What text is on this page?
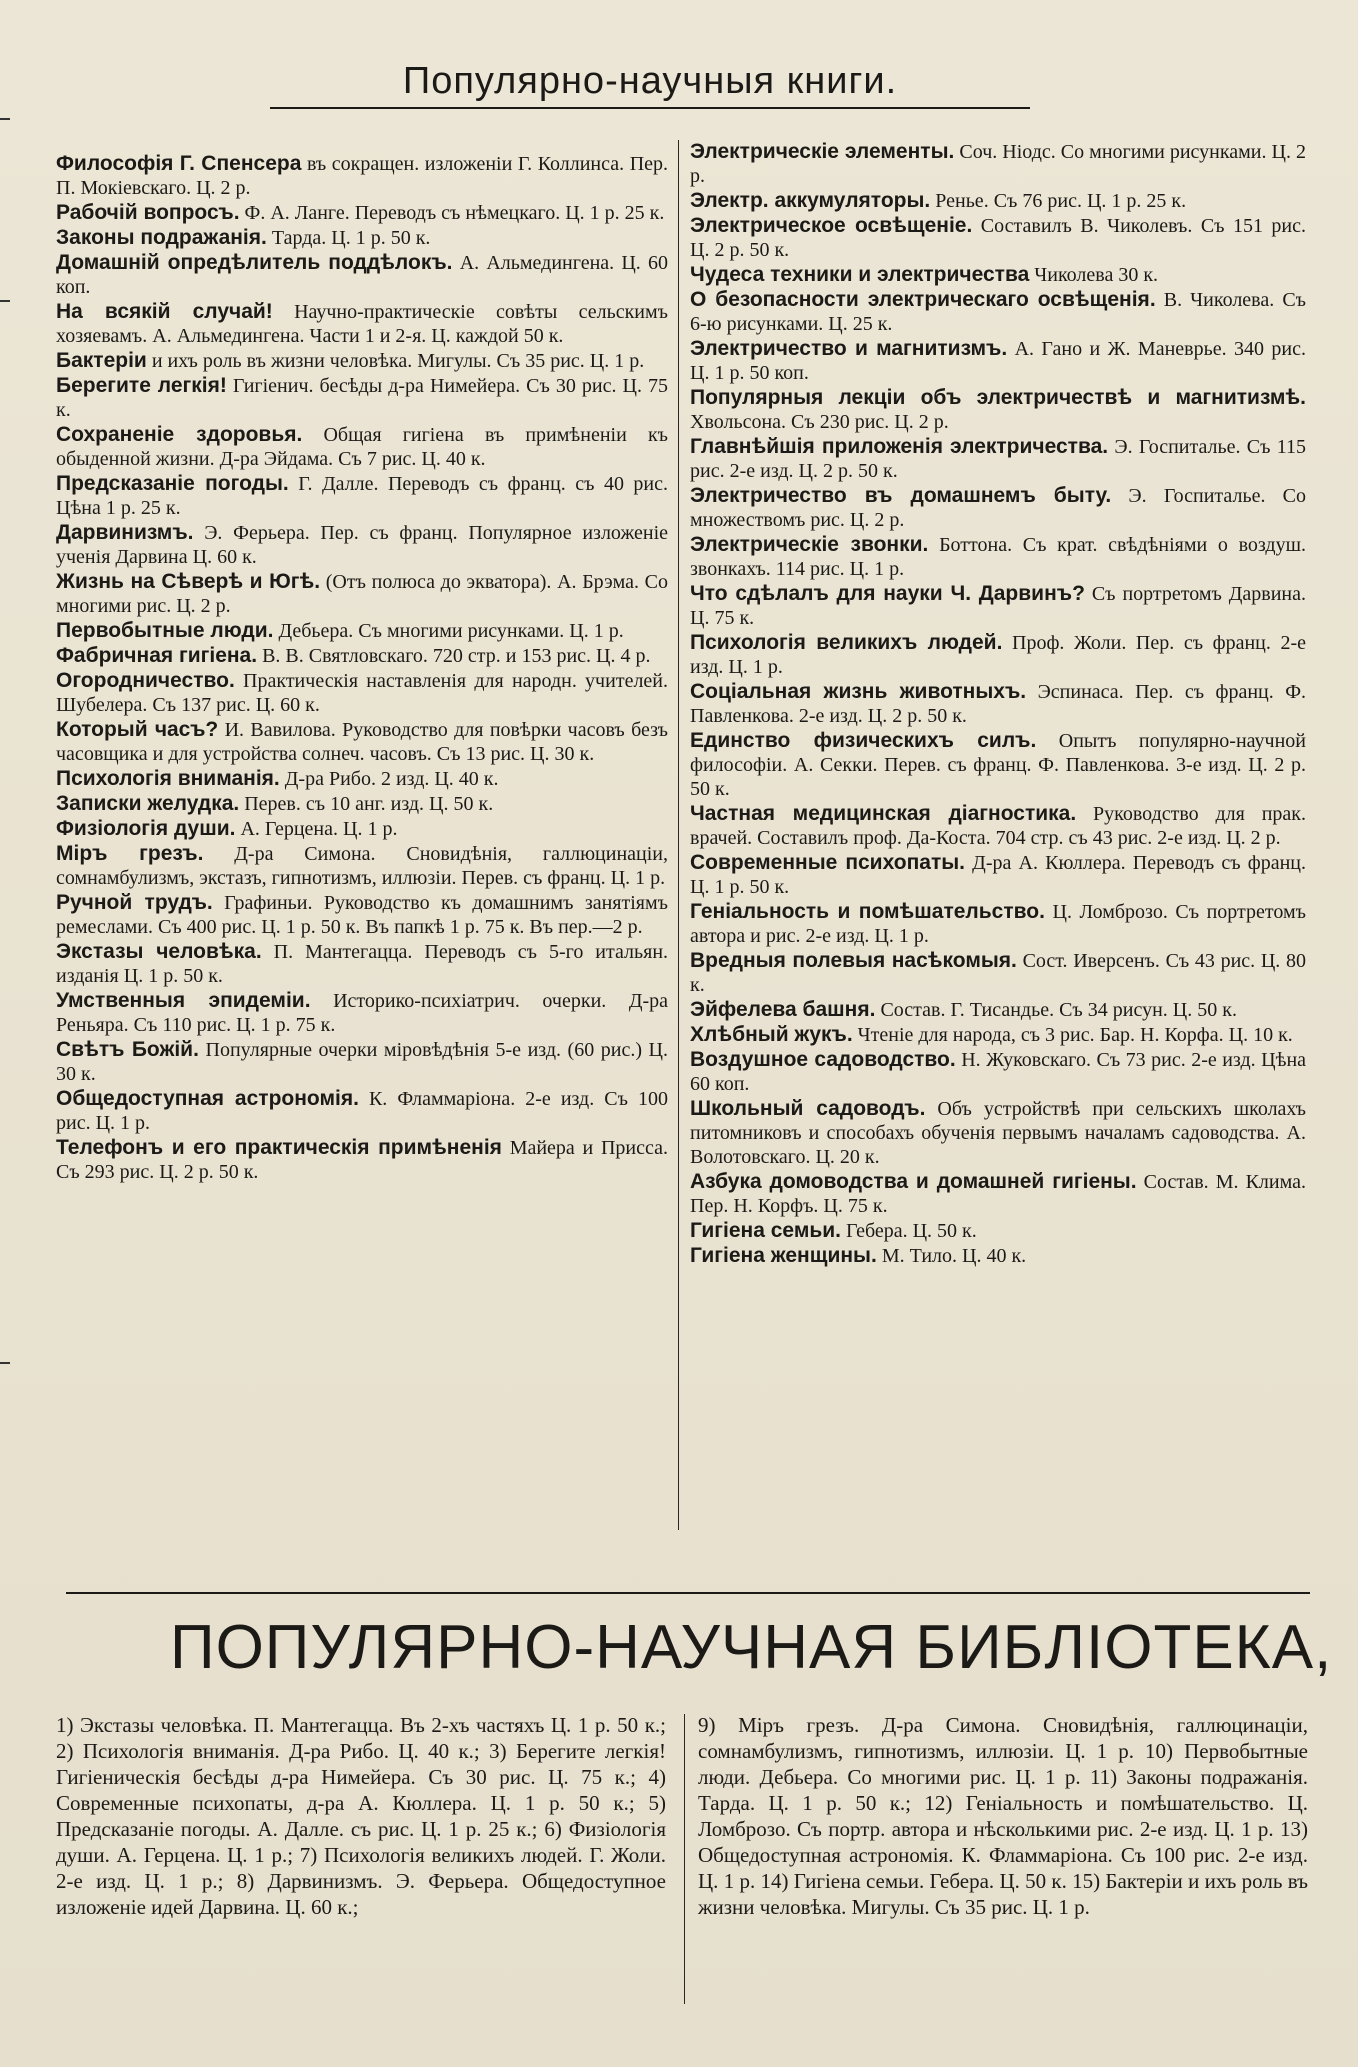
Популярно-научныя книги.
Философія Г. Спенсера въ сокращен. изложеніи Г. Коллинса. Пер. П. Мокіевскаго. Ц. 2 р.
Рабочій вопросъ. Ф. А. Ланге. Переводъ съ нѣмецкаго. Ц. 1 р. 25 к.
Законы подражанія. Тарда. Ц. 1 р. 50 к.
Домашній опредѣлитель поддѣлокъ. А. Альмедингена. Ц. 60 коп.
На всякій случай! Научно-практическіе совѣты сельскимъ хозяевамъ. А. Альмедингена. Части 1 и 2-я. Ц. каждой 50 к.
Бактеріи и ихъ роль въ жизни человѣка. Мигулы. Съ 35 рис. Ц. 1 р.
Берегите легкія! Гигіенич. бесѣды д-ра Нимейера. Съ 30 рис. Ц. 75 к.
Сохраненіе здоровья. Общая гигіена въ примѣненіи къ обыденной жизни. Д-ра Эйдама. Съ 7 рис. Ц. 40 к.
Предсказаніе погоды. Г. Далле. Переводъ съ франц. съ 40 рис. Цѣна 1 р. 25 к.
Дарвинизмъ. Э. Ферьера. Пер. съ франц. Популярное изложеніе ученія Дарвина Ц. 60 к.
Жизнь на Сѣверѣ и Югѣ. (Отъ полюса до экватора). А. Брэма. Со многими рис. Ц. 2 р.
Первобытные люди. Дебьера. Съ многими рисунками. Ц. 1 р.
Фабричная гигіена. В. В. Святловскаго. 720 стр. и 153 рис. Ц. 4 р.
Огородничество. Практическія наставленія для народн. учителей. Шубелера. Съ 137 рис. Ц. 60 к.
Который часъ? И. Вавилова. Руководство для повѣрки часовъ безъ часовщика и для устройства солнеч. часовъ. Съ 13 рис. Ц. 30 к.
Психологія вниманія. Д-ра Рибо. 2 изд. Ц. 40 к.
Записки желудка. Перев. съ 10 анг. изд. Ц. 50 к.
Физіологія души. А. Герцена. Ц. 1 р.
Міръ грезъ. Д-ра Симона. Сновидѣнія, галлюцинаціи, сомнамбулизмъ, экстазъ, гипнотизмъ, иллюзіи. Перев. съ франц. Ц. 1 р.
Ручной трудъ. Графиньи. Руководство къ домашнимъ занятіямъ ремеслами. Съ 400 рис. Ц. 1 р. 50 к. Въ папкѣ 1 р. 75 к. Въ пер.—2 р.
Экстазы человѣка. П. Мантегацца. Переводъ съ 5-го итальян. изданія Ц. 1 р. 50 к.
Умственныя эпидеміи. Историко-психіатрич. очерки. Д-ра Реньяра. Съ 110 рис. Ц. 1 р. 75 к.
Свѣтъ Божій. Популярные очерки міровѣдѣнія 5-е изд. (60 рис.) Ц. 30 к.
Общедоступная астрономія. К. Фламмаріона. 2-е изд. Съ 100 рис. Ц. 1 р.
Телефонъ и его практическія примѣненія Майера и Присса. Съ 293 рис. Ц. 2 р. 50 к.
Электрическіе элементы. Соч. Ніодс. Со многими рисунками. Ц. 2 р.
Электр. аккумуляторы. Ренье. Съ 76 рис. Ц. 1 р. 25 к.
Электрическое освѣщеніе. Составилъ В. Чиколевъ. Съ 151 рис. Ц. 2 р. 50 к.
Чудеса техники и электричества Чиколева 30 к.
О безопасности электрическаго освѣщенія. В. Чиколева. Съ 6-ю рисунками. Ц. 25 к.
Электричество и магнитизмъ. А. Гано и Ж. Маневрье. 340 рис. Ц. 1 р. 50 коп.
Популярныя лекціи объ электричествѣ и магнитизмѣ. Хвольсона. Съ 230 рис. Ц. 2 р.
Главнѣйшія приложенія электричества. Э. Госпиталье. Съ 115 рис. 2-е изд. Ц. 2 р. 50 к.
Электричество въ домашнемъ быту. Э. Госпиталье. Со множествомъ рис. Ц. 2 р.
Электрическіе звонки. Боттона. Съ крат. свѣдѣніями о воздуш. звонкахъ. 114 рис. Ц. 1 р.
Что сдѣлалъ для науки Ч. Дарвинъ? Съ портретомъ Дарвина. Ц. 75 к.
Психологія великихъ людей. Проф. Жоли. Пер. съ франц. 2-е изд. Ц. 1 р.
Соціальная жизнь животныхъ. Эспинаса. Пер. съ франц. Ф. Павленкова. 2-е изд. Ц. 2 р. 50 к.
Единство физическихъ силъ. Опытъ популярно-научной философіи. А. Секки. Перев. съ франц. Ф. Павленкова. 3-е изд. Ц. 2 р. 50 к.
Частная медицинская діагностика. Руководство для прак. врачей. Составилъ проф. Да-Коста. 704 стр. съ 43 рис. 2-е изд. Ц. 2 р.
Современные психопаты. Д-ра А. Кюллера. Переводъ съ франц. Ц. 1 р. 50 к.
Геніальность и помѣшательство. Ц. Ломброзо. Съ портретомъ автора и рис. 2-е изд. Ц. 1 р.
Вредныя полевыя насѣкомыя. Сост. Иверсенъ. Съ 43 рис. Ц. 80 к.
Эйфелева башня. Состав. Г. Тисандье. Съ 34 рисун. Ц. 50 к.
Хлѣбный жукъ. Чтеніе для народа, съ 3 рис. Бар. Н. Корфа. Ц. 10 к.
Воздушное садоводство. Н. Жуковскаго. Съ 73 рис. 2-е изд. Цѣна 60 коп.
Школьный садоводъ. Объ устройствѣ при сельскихъ школахъ питомниковъ и способахъ обученія первымъ началамъ садоводства. А. Волотовскаго. Ц. 20 к.
Азбука домоводства и домашней гигіены. Состав. М. Клима. Пер. Н. Корфъ. Ц. 75 к.
Гигіена семьи. Гебера. Ц. 50 к.
Гигіена женщины. М. Тило. Ц. 40 к.
ПОПУЛЯРНО-НАУЧНАЯ БИБЛІОТЕКА,
1) Экстазы человѣка. П. Мантегацца. Въ 2-хъ частяхъ Ц. 1 р. 50 к.; 2) Психологія вниманія. Д-ра Рибо. Ц. 40 к.; 3) Берегите легкія! Гигіеническія бесѣды д-ра Нимейера. Съ 30 рис. Ц. 75 к.; 4) Современные психопаты, д-ра А. Кюллера. Ц. 1 р. 50 к.; 5) Предсказаніе погоды. А. Далле. съ рис. Ц. 1 р. 25 к.; 6) Физіологія души. А. Герцена. Ц. 1 р.; 7) Психологія великихъ людей. Г. Жоли. 2-е изд. Ц. 1 р.; 8) Дарвинизмъ. Э. Ферьера. Общедоступное изложеніе идей Дарвина. Ц. 60 к.;
9) Міръ грезъ. Д-ра Симона. Сновидѣнія, галлюцинаціи, сомнамбулизмъ, гипнотизмъ, иллюзіи. Ц. 1 р. 10) Первобытные люди. Дебьера. Со многими рис. Ц. 1 р. 11) Законы подражанія. Тарда. Ц. 1 р. 50 к.; 12) Геніальность и помѣшательство. Ц. Ломброзо. Съ портр. автора и нѣсколькими рис. 2-е изд. Ц. 1 р. 13) Общедоступная астрономія. К. Фламмаріона. Съ 100 рис. 2-е изд. Ц. 1 р. 14) Гигіена семьи. Гебера. Ц. 50 к. 15) Бактеріи и ихъ роль въ жизни человѣка. Мигулы. Съ 35 рис. Ц. 1 р.
